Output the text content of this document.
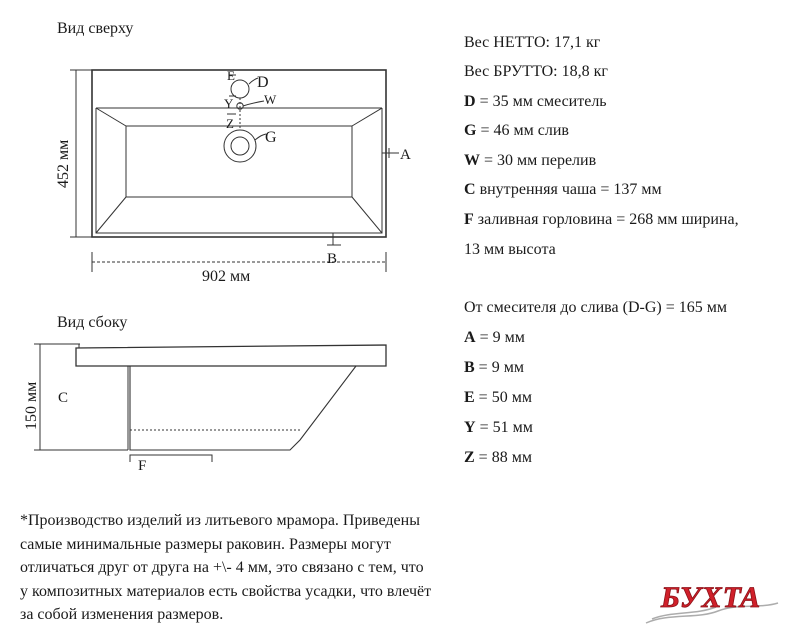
Вид сверху
Вид сбоку
E D
Y W
Z
G
A
B
C
F
902 мм
452 мм
150 мм
Вес НЕТТО: 17,1 кг
Вес БРУТТО: 18,8 кг
D = 35 мм смеситель
G = 46 мм слив
W = 30 мм перелив
C внутренняя чаша = 137 мм
F заливная горловина = 268 мм ширина,
13 мм высота
От смесителя до слива (D-G) = 165 мм
A = 9 мм
B = 9 мм
E = 50 мм
Y = 51 мм
Z = 88 мм
*Производство изделий из литьевого мрамора. Приведены
самые минимальные размеры раковин. Размеры могут
отличаться друг от друга на +\- 4 мм, это связано с тем, что
у композитных материалов есть свойства усадки, что влечёт
за собой изменения размеров.
БУХТА
